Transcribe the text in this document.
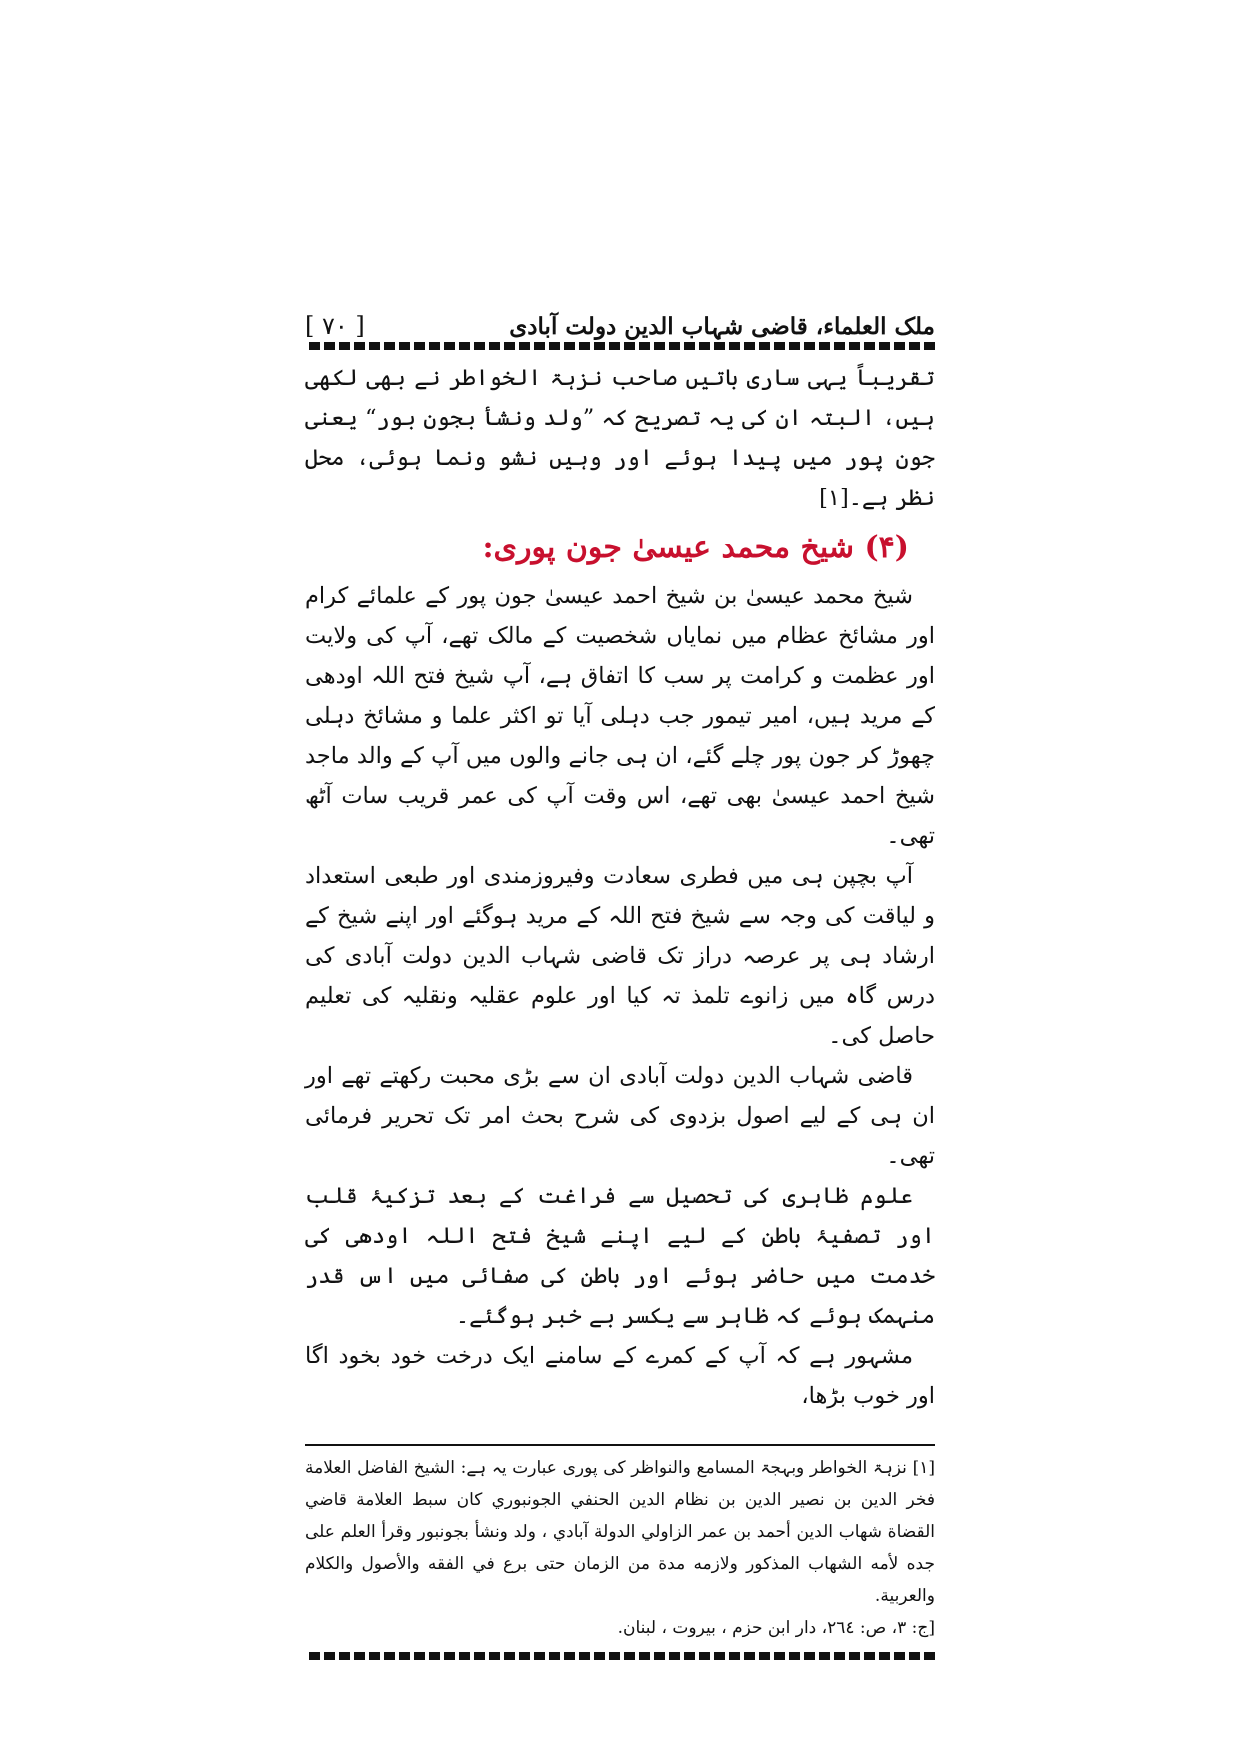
ملک العلماء، قاضی شہاب الدین دولت آبادی
[ ۷۰ ]

تقریباً یہی ساری باتیں صاحب نزہۃ الخواطر نے بھی لکھی ہیں، البتہ ان کی یہ تصریح کہ ”ولد ونشأ بجون بور“ یعنی جون پور میں پیدا ہوئے اور وہیں نشو ونما ہوئی، محل نظر ہے۔[۱]

(۴) شیخ محمد عیسیٰ جون پوری:

شیخ محمد عیسیٰ بن شیخ احمد عیسیٰ جون پور کے علمائے کرام اور مشائخ عظام میں نمایاں شخصیت کے مالک تھے، آپ کی ولایت اور عظمت و کرامت پر سب کا اتفاق ہے، آپ شیخ فتح اللہ اودھی کے مرید ہیں، امیر تیمور جب دہلی آیا تو اکثر علما و مشائخ دہلی چھوڑ کر جون پور چلے گئے، ان ہی جانے والوں میں آپ کے والد ماجد شیخ احمد عیسیٰ بھی تھے، اس وقت آپ کی عمر قریب سات آٹھ تھی۔

آپ بچپن ہی میں فطری سعادت وفیروزمندی اور طبعی استعداد و لیاقت کی وجہ سے شیخ فتح اللہ کے مرید ہوگئے اور اپنے شیخ کے ارشاد ہی پر عرصہ دراز تک قاضی شہاب الدین دولت آبادی کی درس گاہ میں زانوے تلمذ تہ کیا اور علوم عقلیہ ونقلیہ کی تعلیم حاصل کی۔

قاضی شہاب الدین دولت آبادی ان سے بڑی محبت رکھتے تھے اور ان ہی کے لیے اصول بزدوی کی شرح بحث امر تک تحریر فرمائی تھی۔

علوم ظاہری کی تحصیل سے فراغت کے بعد تزکیۂ قلب اور تصفیۂ باطن کے لیے اپنے شیخ فتح اللہ اودھی کی خدمت میں حاضر ہوئے اور باطن کی صفائی میں اس قدر منہمک ہوئے کہ ظاہر سے یکسر بے خبر ہوگئے۔

مشہور ہے کہ آپ کے کمرے کے سامنے ایک درخت خود بخود اگا اور خوب بڑھا،

[۱] نزہۃ الخواطر وبہجۃ المسامع والنواظر کی پوری عبارت یہ ہے: الشيخ الفاضل العلامة فخر الدين بن نصير الدين بن نظام الدين الحنفي الجونبوري كان سبط العلامة قاضي القضاة شهاب الدين أحمد بن عمر الزاولي الدولة آبادي ، ولد ونشأ بجونبور وقرأ العلم على جده لأمه الشهاب المذكور ولازمه مدة من الزمان حتى برع في الفقه والأصول والكلام والعربية.

[ج: ۳، ص: ۲٦٤، دار ابن حزم ، بيروت ، لبنان.
